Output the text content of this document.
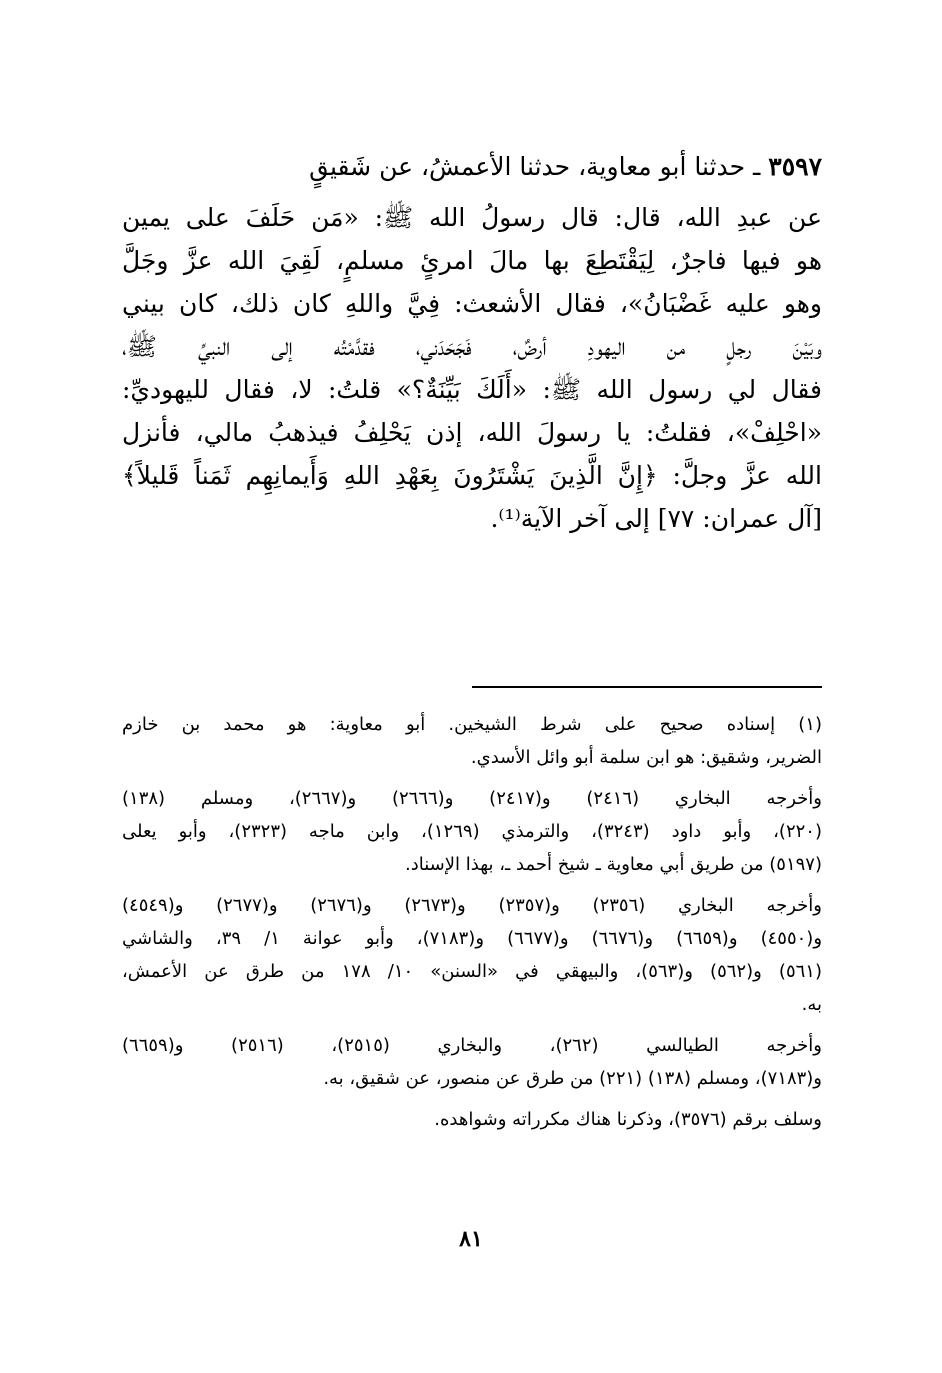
٣٥٩٧ ـ حدثنا أبو معاوية، حدثنا الأعمشُ، عن شَقيقٍ
عن عبدِ الله، قال: قال رسولُ الله ﷺ: «مَن حَلَفَ على يمين
هو فيها فاجرٌ، لِيَقْتَطِعَ بها مالَ امرئٍ مسلمٍ، لَقِيَ الله عزَّ وجَلَّ
وهو عليه غَضْبَانُ»، فقال الأشعث: فِيَّ واللهِ كان ذلك، كان بيني
وبَيْنَ رجلٍ من اليهودِ أرضٌ، فَجَحَدَني، فقدَّمْتُه إلى النبيِّ ﷺ،
فقال لي رسول الله ﷺ: «أَلَكَ بَيِّنَةٌ؟» قلتُ: لا، فقال لليهوديِّ:
«احْلِفْ»، فقلتُ: يا رسولَ الله، إذن يَحْلِفُ فيذهبُ مالي، فأنزل
الله عزَّ وجلَّ: ﴿إِنَّ الَّذِينَ يَشْتَرُونَ بِعَهْدِ اللهِ وَأَيمانِهِم ثَمَناً قَليلاً﴾
[آل عمران: ٧٧] إلى آخر الآية⁽¹⁾.
(١) إسناده صحيح على شرط الشيخين. أبو معاوية: هو محمد بن خازم
الضرير، وشقيق: هو ابن سلمة أبو وائل الأسدي.
وأخرجه البخاري (٢٤١٦) و(٢٤١٧) و(٢٦٦٦) و(٢٦٦٧)، ومسلم (١٣٨)
(٢٢٠)، وأبو داود (٣٢٤٣)، والترمذي (١٢٦٩)، وابن ماجه (٢٣٢٣)، وأبو يعلى
(٥١٩٧) من طريق أبي معاوية ـ شيخ أحمد ـ، بهذا الإسناد.
وأخرجه البخاري (٢٣٥٦) و(٢٣٥٧) و(٢٦٧٣) و(٢٦٧٦) و(٢٦٧٧) و(٤٥٤٩)
و(٤٥٥٠) و(٦٦٥٩) و(٦٦٧٦) و(٦٦٧٧) و(٧١٨٣)، وأبو عوانة ١/ ٣٩، والشاشي
(٥٦١) و(٥٦٢) و(٥٦٣)، والبيهقي في «السنن» ١٠/ ١٧٨ من طرق عن الأعمش،
به.
وأخرجه الطيالسي (٢٦٢)، والبخاري (٢٥١٥)، (٢٥١٦) و(٦٦٥٩)
و(٧١٨٣)، ومسلم (١٣٨) (٢٢١) من طرق عن منصور، عن شقيق، به.
وسلف برقم (٣٥٧٦)، وذكرنا هناك مكرراته وشواهده.
٨١
